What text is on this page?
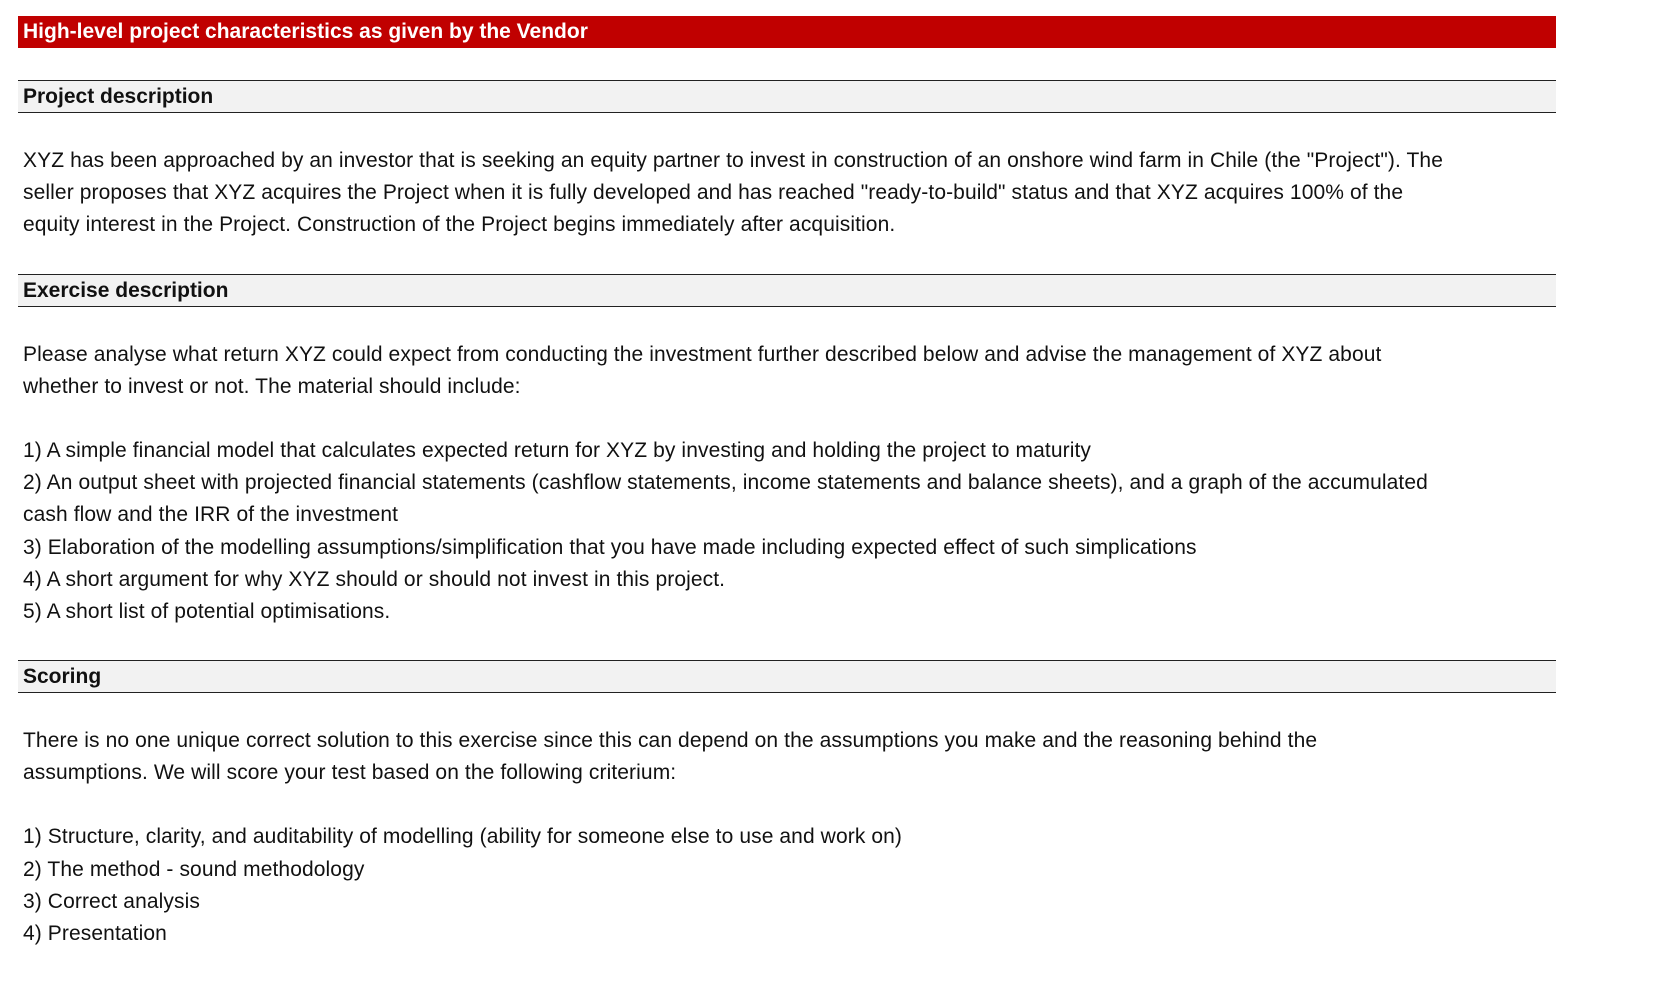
High-level project characteristics as given by the Vendor
Project description
XYZ has been approached by an investor that is seeking an equity partner to invest in construction of an onshore wind farm in Chile (the "Project"). The
seller proposes that XYZ acquires the Project when it is fully developed and has reached "ready-to-build" status and that XYZ acquires 100% of the
equity interest in the Project. Construction of the Project begins immediately after acquisition.
Exercise description
Please analyse what return XYZ could expect from conducting the investment further described below and advise the management of XYZ about
whether to invest or not. The material should include:
1) A simple financial model that calculates expected return for XYZ by investing and holding the project to maturity
2) An output sheet with projected financial statements (cashflow statements, income statements and balance sheets), and a graph of the accumulated
cash flow and the IRR of the investment
3) Elaboration of the modelling assumptions/simplification that you have made including expected effect of such simplications
4) A short argument for why XYZ should or should not invest in this project.
5) A short list of potential optimisations.
Scoring
There is no one unique correct solution to this exercise since this can depend on the assumptions you make and the reasoning behind the
assumptions. We will score your test based on the following criterium:
1) Structure, clarity, and auditability of modelling (ability for someone else to use and work on)
2) The method - sound methodology
3) Correct analysis
4) Presentation
